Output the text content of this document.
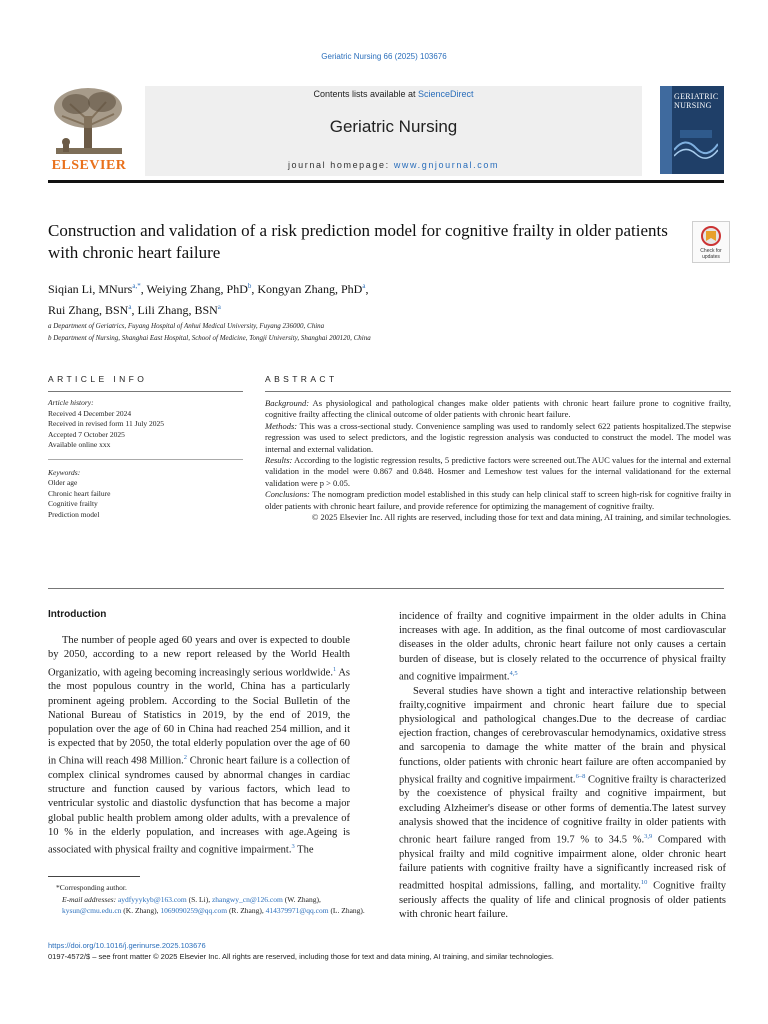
Geriatric Nursing 66 (2025) 103676
ELSEVIER
Contents lists available at ScienceDirect
Geriatric Nursing
journal homepage: www.gnjournal.com
GERIATRIC
NURSING
Construction and validation of a risk prediction model for cognitive frailty in older patients with chronic heart failure	Check for updates
Siqian Li, MNurs$^{a,*}$, Weiying Zhang, PhD$^b$, Kongyan Zhang, PhD$^a$,
Rui Zhang, BSN$^a$, Lili Zhang, BSN$^a$
a Department of Geriatrics, Fuyang Hospital of Anhui Medical University, Fuyang 236000, China
b Department of Nursing, Shanghai East Hospital, School of Medicine, Tongji University, Shanghai 200120, China
ARTICLE INFO	ABSTRACT
Article history:
Received 4 December 2024
Received in revised form 11 July 2025
Accepted 7 October 2025
Available online xxx
Keywords:
Older age
Chronic heart failure
Cognitive frailty
Prediction model

Background: As physiological and pathological changes make older patients with chronic heart failure prone to cognitive frailty, cognitive frailty affecting the clinical outcome of older patients with chronic heart failure.

Methods: This was a cross-sectional study. Convenience sampling was used to randomly select 622 patients hospitalized.The stepwise regression was used to select predictors, and the logistic regression analysis was conducted to construct the model. The model was internal and external validation.

Results: According to the logistic regression results, 5 predictive factors were screened out.The AUC values for the internal and external validation in the model were 0.867 and 0.848. Hosmer and Lemeshow test values for the internal validationand for the external validation were p > 0.05.

Conclusions: The nomogram prediction model established in this study can help clinical staff to screen high-risk for cognitive frailty in older patients with chronic heart failure, and provide reference for optimizing the management of cognitive frailty.

© 2025 Elsevier Inc. All rights are reserved, including those for text and data mining, AI training, and similar technologies.

Introduction

The number of people aged 60 years and over is expected to double by 2050, according to a new report released by the World Health Organizatio, with ageing becoming increasingly serious worldwide.$^1$ As the most populous country in the world, China has a particularly prominent ageing problem. According to the Social Bulletin of the National Bureau of Statistics in 2019, by the end of 2019, the population over the age of 60 in China had reached 254 million, and it is expected that by 2050, the total elderly population over the age of 60 in China will reach 498 Million.$^2$ Chronic heart failure is a collection of complex clinical syndromes caused by abnormal changes in cardiac structure and function caused by various factors, which lead to ventricular systolic and diastolic dysfunction that has become a major global public health problem among older adults, with a prevalence of 10 % in the elderly population, and increases with age.Ageing is associated with physical frailty and cognitive impairment.$^3$ The

incidence of frailty and cognitive impairment in the older adults in China increases with age. In addition, as the final outcome of most cardiovascular diseases in the older adults, chronic heart failure not only causes a certain burden of disease, but is closely related to the occurrence of physical frailty and cognitive impairment.$^{4,5}$

Several studies have shown a tight and interactive relationship between frailty,cognitive impairment and chronic heart failure due to special physiological and pathological changes.Due to the decrease of cardiac ejection fraction, changes of cerebrovascular hemodynamics, oxidative stress and sarcopenia to damage the white matter of the brain and physical functions, older patients with chronic heart failure are often accompanied by physical frailty and cognitive impairment.$^{6-8}$ Cognitive frailty is characterized by the coexistence of physical frailty and cognitive impairment, but excluding Alzheimer's disease or other forms of dementia.The latest survey analysis showed that the incidence of cognitive frailty in older patients with chronic heart failure ranged from 19.7 % to 34.5 %.$^{3,9}$ Compared with physical frailty and mild cognitive impairment alone, older chronic heart failure patients with cognitive frailty have a significantly increased risk of readmitted hospital admissions, falling, and mortality.$^{10}$ Cognitive frailty seriously affects the quality of life and clinical prognosis of older patients with chronic heart failure.

*Corresponding author.
E-mail addresses: aydfyyykyb@163.com (S. Li), zhangwy_cn@126.com (W. Zhang), kysun@cmu.edu.cn (K. Zhang), 1069090259@qq.com (R. Zhang), 414379971@qq.com (L. Zhang).
https://doi.org/10.1016/j.gerinurse.2025.103676
0197-4572/$ – see front matter © 2025 Elsevier Inc. All rights are reserved, including those for text and data mining, AI training, and similar technologies.
